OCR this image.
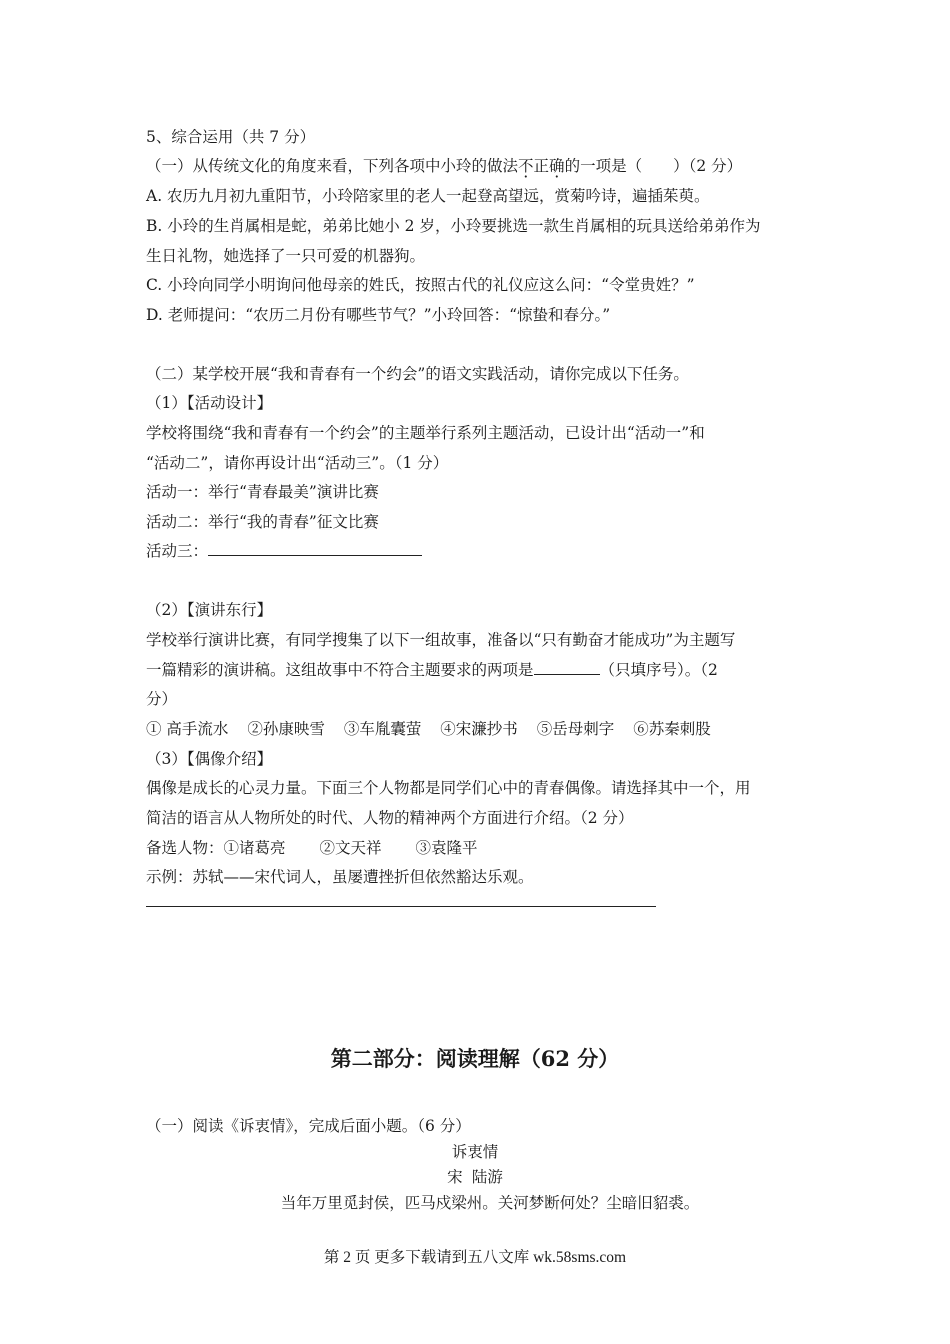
5、综合运用（共 7 分）
（一）从传统文化的角度来看，下列各项中小玲的做法不正确的一项是（　　）（2 分）
A. 农历九月初九重阳节，小玲陪家里的老人一起登高望远，赏菊吟诗，遍插茱萸。
B. 小玲的生肖属相是蛇，弟弟比她小 2 岁，小玲要挑选一款生肖属相的玩具送给弟弟作为
生日礼物，她选择了一只可爱的机器狗。
C. 小玲向同学小明询问他母亲的姓氏，按照古代的礼仪应这么问：“令堂贵姓？”
D. 老师提问：“农历二月份有哪些节气？”小玲回答：“惊蛰和春分。”
（二）某学校开展“我和青春有一个约会”的语文实践活动，请你完成以下任务。
（1）【活动设计】
学校将围绕“我和青春有一个约会”的主题举行系列主题活动，已设计出“活动一”和
“活动二”，请你再设计出“活动三”。（1 分）
活动一：举行“青春最美”演讲比赛
活动二：举行“我的青春”征文比赛
活动三：
（2）【演讲东行】
学校举行演讲比赛，有同学搜集了以下一组故事，准备以“只有勤奋才能成功”为主题写
一篇精彩的演讲稿。这组故事中不符合主题要求的两项是	（只填序号）。（2
分）
① 高手流水 ②孙康映雪 ③车胤囊萤 ④宋濂抄书 ⑤岳母刺字 ⑥苏秦刺股
（3）【偶像介绍】
偶像是成长的心灵力量。下面三个人物都是同学们心中的青春偶像。请选择其中一个，用
简洁的语言从人物所处的时代、人物的精神两个方面进行介绍。（2 分）
备选人物：①诸葛亮 ②文天祥 ③袁隆平
示例：苏轼——宋代词人，虽屡遭挫折但依然豁达乐观。
第二部分：阅读理解（62 分）
（一）阅读《诉衷情》，完成后面小题。（6 分）
诉衷情
宋 陆游
当年万里觅封侯，匹马戍梁州。关河梦断何处？尘暗旧貂裘。
第 2 页 更多下载请到五八文库 wk.58sms.com
